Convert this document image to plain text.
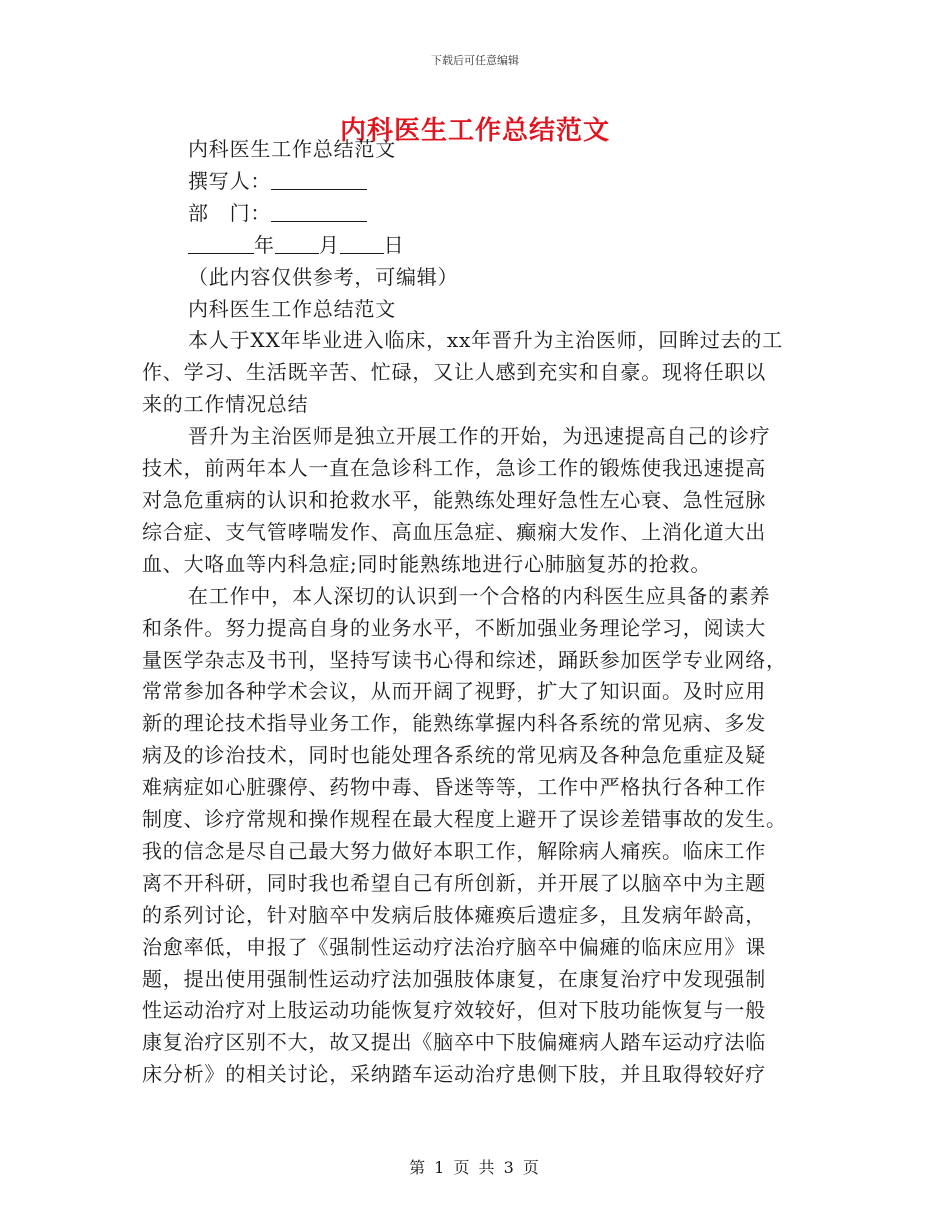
下载后可任意编辑
内科医生工作总结范文
内科医生工作总结范文
撰写人：
部　门：
年 月 日
（此内容仅供参考，可编辑）
内科医生工作总结范文
本人于XX年毕业进入临床，xx年晋升为主治医师，回眸过去的工
作、学习、生活既辛苦、忙碌，又让人感到充实和自豪。现将任职以
来的工作情况总结
晋升为主治医师是独立开展工作的开始，为迅速提高自己的诊疗
技术，前两年本人一直在急诊科工作，急诊工作的锻炼使我迅速提高
对急危重病的认识和抢救水平，能熟练处理好急性左心衰、急性冠脉
综合症、支气管哮喘发作、高血压急症、癫痫大发作、上消化道大出
血、大咯血等内科急症;同时能熟练地进行心肺脑复苏的抢救。
在工作中，本人深切的认识到一个合格的内科医生应具备的素养
和条件。努力提高自身的业务水平，不断加强业务理论学习，阅读大
量医学杂志及书刊，坚持写读书心得和综述，踊跃参加医学专业网络，
常常参加各种学术会议，从而开阔了视野，扩大了知识面。及时应用
新的理论技术指导业务工作，能熟练掌握内科各系统的常见病、多发
病及的诊治技术，同时也能处理各系统的常见病及各种急危重症及疑
难病症如心脏骤停、药物中毒、昏迷等等，工作中严格执行各种工作
制度、诊疗常规和操作规程在最大程度上避开了误诊差错事故的发生。
我的信念是尽自己最大努力做好本职工作，解除病人痛疾。临床工作
离不开科研，同时我也希望自己有所创新，并开展了以脑卒中为主题
的系列讨论，针对脑卒中发病后肢体瘫痪后遗症多，且发病年龄高，
治愈率低，申报了《强制性运动疗法治疗脑卒中偏瘫的临床应用》课
题，提出使用强制性运动疗法加强肢体康复，在康复治疗中发现强制
性运动治疗对上肢运动功能恢复疗效较好，但对下肢功能恢复与一般
康复治疗区别不大，故又提出《脑卒中下肢偏瘫病人踏车运动疗法临
床分析》的相关讨论，采纳踏车运动治疗患侧下肢，并且取得较好疗
第 1 页 共 3 页
